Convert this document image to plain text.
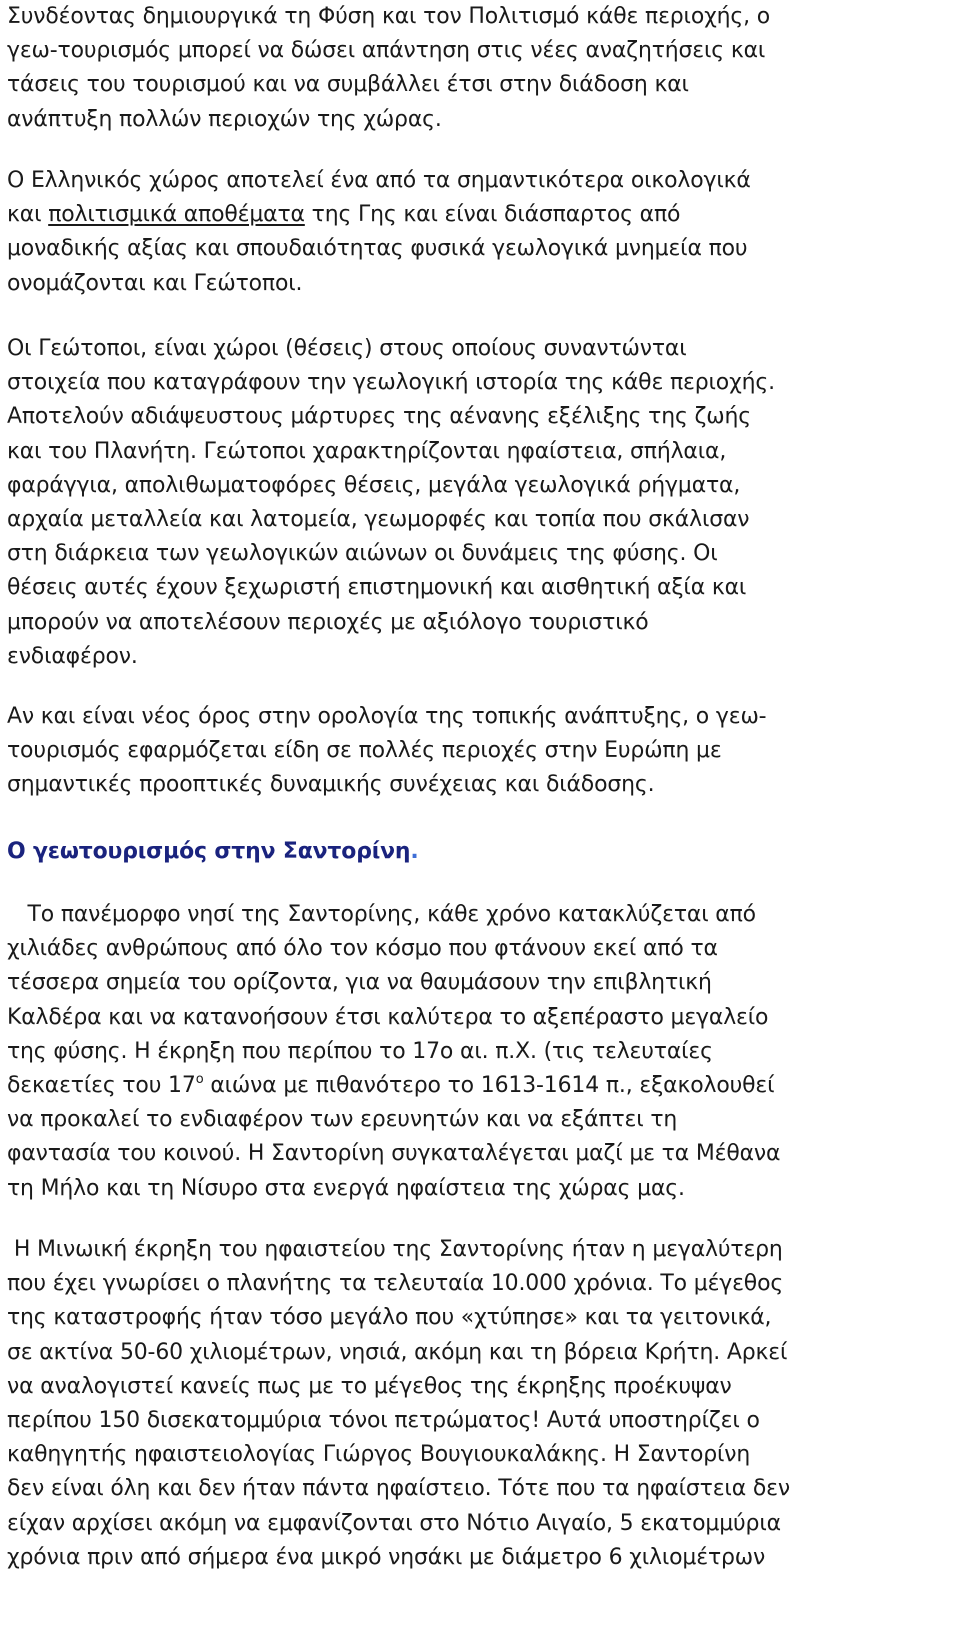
Συνδέοντας δημιουργικά τη Φύση και τον Πολιτισμό κάθε περιοχής, ο
γεω-τουρισμός μπορεί να δώσει απάντηση στις νέες αναζητήσεις και
τάσεις του τουρισμού και να συμβάλλει έτσι στην διάδοση και
ανάπτυξη πολλών περιοχών της χώρας.
Ο Ελληνικός χώρος αποτελεί ένα από τα σημαντικότερα οικολογικά
και πολιτισμικά αποθέματα της Γης και είναι διάσπαρτος από
μοναδικής αξίας και σπουδαιότητας φυσικά γεωλογικά μνημεία που
ονομάζονται και Γεώτοποι.
Οι Γεώτοποι, είναι χώροι (θέσεις) στους οποίους συναντώνται
στοιχεία που καταγράφουν την γεωλογική ιστορία της κάθε περιοχής.
Αποτελούν αδιάψευστους μάρτυρες της αένανης εξέλιξης της ζωής
και του Πλανήτη. Γεώτοποι χαρακτηρίζονται ηφαίστεια, σπήλαια,
φαράγγια, απολιθωματοφόρες θέσεις, μεγάλα γεωλογικά ρήγματα,
αρχαία μεταλλεία και λατομεία, γεωμορφές και τοπία που σκάλισαν
στη διάρκεια των γεωλογικών αιώνων οι δυνάμεις της φύσης. Οι
θέσεις αυτές έχουν ξεχωριστή επιστημονική και αισθητική αξία και
μπορούν να αποτελέσουν περιοχές με αξιόλογο τουριστικό
ενδιαφέρον.
Αν και είναι νέος όρος στην ορολογία της τοπικής ανάπτυξης, ο γεω-
τουρισμός εφαρμόζεται είδη σε πολλές περιοχές στην Ευρώπη με
σημαντικές προοπτικές δυναμικής συνέχειας και διάδοσης.
Ο γεωτουρισμός στην Σαντορίνη.
Το πανέμορφο νησί της Σαντορίνης, κάθε χρόνο κατακλύζεται από
χιλιάδες ανθρώπους από όλο τον κόσμο που φτάνουν εκεί από τα
τέσσερα σημεία του ορίζοντα, για να θαυμάσουν την επιβλητική
Καλδέρα και να κατανοήσουν έτσι καλύτερα το αξεπέραστο μεγαλείο
της φύσης. Η έκρηξη που περίπου το 17ο αι. π.Χ. (τις τελευταίες
δεκαετίες του $17^o$ αιώνα με πιθανότερο το 1613-1614 π., εξακολουθεί
να προκαλεί το ενδιαφέρον των ερευνητών και να εξάπτει τη
φαντασία του κοινού. Η Σαντορίνη συγκαταλέγεται μαζί με τα Μέθανα
τη Μήλο και τη Νίσυρο στα ενεργά ηφαίστεια της χώρας μας.
Η Μινωική έκρηξη του ηφαιστείου της Σαντορίνης ήταν η μεγαλύτερη
που έχει γνωρίσει ο πλανήτης τα τελευταία 10.000 χρόνια. Το μέγεθος
της καταστροφής ήταν τόσο μεγάλο που «χτύπησε» και τα γειτονικά,
σε ακτίνα 50-60 χιλιομέτρων, νησιά, ακόμη και τη βόρεια Κρήτη. Αρκεί
να αναλογιστεί κανείς πως με το μέγεθος της έκρηξης προέκυψαν
περίπου 150 δισεκατομμύρια τόνοι πετρώματος! Αυτά υποστηρίζει ο
καθηγητής ηφαιστειολογίας Γιώργος Βουγιουκαλάκης. Η Σαντορίνη
δεν είναι όλη και δεν ήταν πάντα ηφαίστειο. Τότε που τα ηφαίστεια δεν
είχαν αρχίσει ακόμη να εμφανίζονται στο Νότιο Αιγαίο, 5 εκατομμύρια
χρόνια πριν από σήμερα ένα μικρό νησάκι με διάμετρο 6 χιλιομέτρων
